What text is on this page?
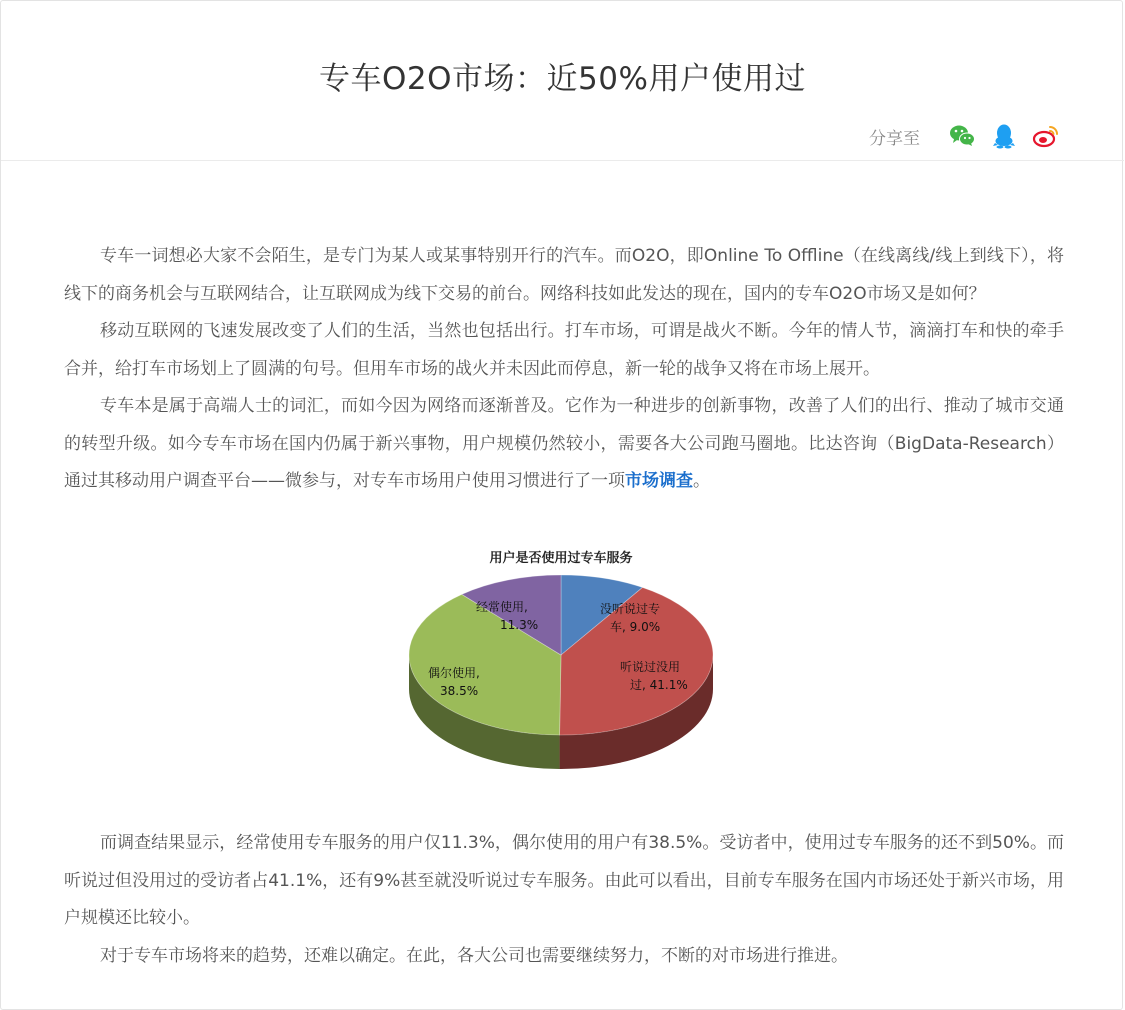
专车O2O市场：近50%用户使用过
分享至

专车一词想必大家不会陌生，是专门为某人或某事特别开行的汽车。而O2O，即Online To Offline（在线离线/线上到线下），将线下的商务机会与互联网结合，让互联网成为线下交易的前台。网络科技如此发达的现在，国内的专车O2O市场又是如何？

移动互联网的飞速发展改变了人们的生活，当然也包括出行。打车市场，可谓是战火不断。今年的情人节，滴滴打车和快的牵手合并，给打车市场划上了圆满的句号。但用车市场的战火并未因此而停息，新一轮的战争又将在市场上展开。

专车本是属于高端人士的词汇，而如今因为网络而逐渐普及。它作为一种进步的创新事物，改善了人们的出行、推动了城市交通的转型升级。如今专车市场在国内仍属于新兴事物，用户规模仍然较小，需要各大公司跑马圈地。比达咨询（BigData-Research）通过其移动用户调查平台——微参与，对专车市场用户使用习惯进行了一项市场调查。

用户是否使用过专车服务
没听说过专
车, 9.0%
听说过没用
过, 41.1%
偶尔使用,
38.5%
经常使用,
11.3%

而调查结果显示，经常使用专车服务的用户仅11.3%，偶尔使用的用户有38.5%。受访者中，使用过专车服务的还不到50%。而听说过但没用过的受访者占41.1%，还有9%甚至就没听说过专车服务。由此可以看出，目前专车服务在国内市场还处于新兴市场，用户规模还比较小。

对于专车市场将来的趋势，还难以确定。在此，各大公司也需要继续努力，不断的对市场进行推进。
